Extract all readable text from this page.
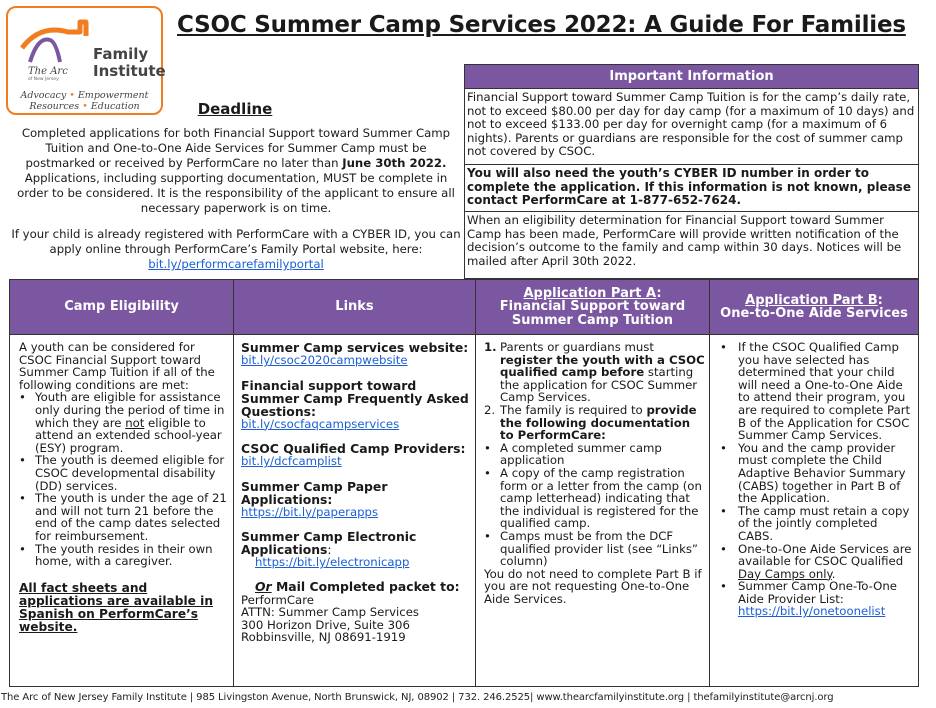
Family
Institute
The Arc
of New Jersey
Advocacy • Empowerment
Resources • Education
CSOC Summer Camp Services 2022: A Guide For Families
Deadline
Completed applications for both Financial Support toward Summer Camp Tuition and One-to-One Aide Services for Summer Camp must be postmarked or received by PerformCare no later than June 30th 2022. Applications, including supporting documentation, MUST be complete in order to be considered. It is the responsibility of the applicant to ensure all necessary paperwork is on time.
If your child is already registered with PerformCare with a CYBER ID, you can apply online through PerformCare’s Family Portal website, here:
bit.ly/performcarefamilyportal
Important Information
Financial Support toward Summer Camp Tuition is for the camp’s daily rate, not to exceed $80.00 per day for day camp (for a maximum of 10 days) and not to exceed $133.00 per day for overnight camp (for a maximum of 6 nights). Parents or guardians are responsible for the cost of summer camp not covered by CSOC.
You will also need the youth’s CYBER ID number in order to complete the application. If this information is not known, please contact PerformCare at 1-877-652-7624.
When an eligibility determination for Financial Support toward Summer Camp has been made, PerformCare will provide written notification of the decision’s outcome to the family and camp within 30 days. Notices will be mailed after April 30th 2022.
Camp Eligibility
A youth can be considered for CSOC Financial Support toward Summer Camp Tuition if all of the following conditions are met:
• Youth are eligible for assistance only during the period of time in which they are not eligible to attend an extended school-year (ESY) program.
• The youth is deemed eligible for CSOC developmental disability (DD) services.
• The youth is under the age of 21 and will not turn 21 before the end of the camp dates selected for reimbursement.
• The youth resides in their own home, with a caregiver.
All fact sheets and applications are available in Spanish on PerformCare’s website.
Links
Summer Camp services website:
bit.ly/csoc2020campwebsite
Financial support toward Summer Camp Frequently Asked Questions:
bit.ly/csocfaqcampservices
CSOC Qualified Camp Providers:
bit.ly/dcfcamplist
Summer Camp Paper Applications:
https://bit.ly/paperapps
Summer Camp Electronic Applications:
https://bit.ly/electronicapp
Or Mail Completed packet to:
PerformCare
ATTN: Summer Camp Services
300 Horizon Drive, Suite 306
Robbinsville, NJ 08691-1919
Application Part A:
Financial Support toward
Summer Camp Tuition
1. Parents or guardians must register the youth with a CSOC qualified camp before starting the application for CSOC Summer Camp Services.
2. The family is required to provide the following documentation to PerformCare:
• A completed summer camp application
• A copy of the camp registration form or a letter from the camp (on camp letterhead) indicating that the individual is registered for the qualified camp.
• Camps must be from the DCF qualified provider list (see “Links” column)
You do not need to complete Part B if you are not requesting One-to-One Aide Services.
Application Part B:
One-to-One Aide Services
• If the CSOC Qualified Camp you have selected has determined that your child will need a One-to-One Aide to attend their program, you are required to complete Part B of the Application for CSOC Summer Camp Services.
• You and the camp provider must complete the Child Adaptive Behavior Summary (CABS) together in Part B of the Application.
• The camp must retain a copy of the jointly completed CABS.
• One-to-One Aide Services are available for CSOC Qualified Day Camps only.
• Summer Camp One-To-One Aide Provider List: https://bit.ly/onetoonelist
The Arc of New Jersey Family Institute | 985 Livingston Avenue, North Brunswick, NJ, 08902 | 732. 246.2525| www.thearcfamilyinstitute.org | thefamilyinstitute@arcnj.org
